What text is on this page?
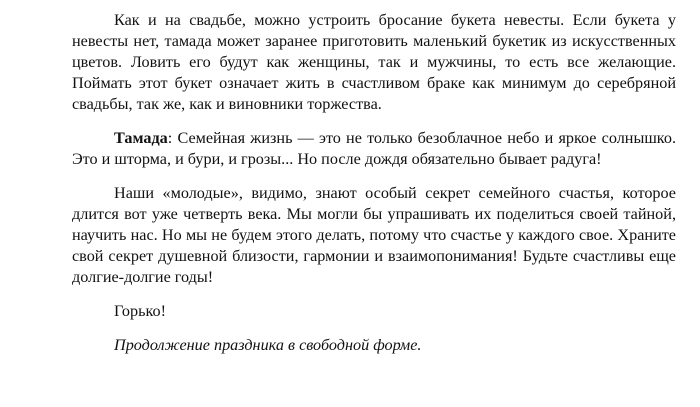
Как и на свадьбе, можно устроить бросание букета невесты. Если букета у невесты нет, тамада может заранее приготовить маленький букетик из искусственных цветов. Ловить его будут как женщины, так и мужчины, то есть все желающие. Поймать этот букет означает жить в счастливом браке как минимум до серебряной свадьбы, так же, как и виновники торжества.

Тамада: Семейная жизнь — это не только безоблачное небо и яркое солнышко. Это и шторма, и бури, и грозы... Но после дождя обязательно бывает радуга!

Наши «молодые», видимо, знают особый секрет семейного счастья, которое длится вот уже четверть века. Мы могли бы упрашивать их поделиться своей тайной, научить нас. Но мы не будем этого делать, потому что счастье у каждого свое. Храните свой секрет душевной близости, гармонии и взаимопонимания! Будьте счастливы еще долгие-долгие годы!

Горько!

Продолжение праздника в свободной форме.
